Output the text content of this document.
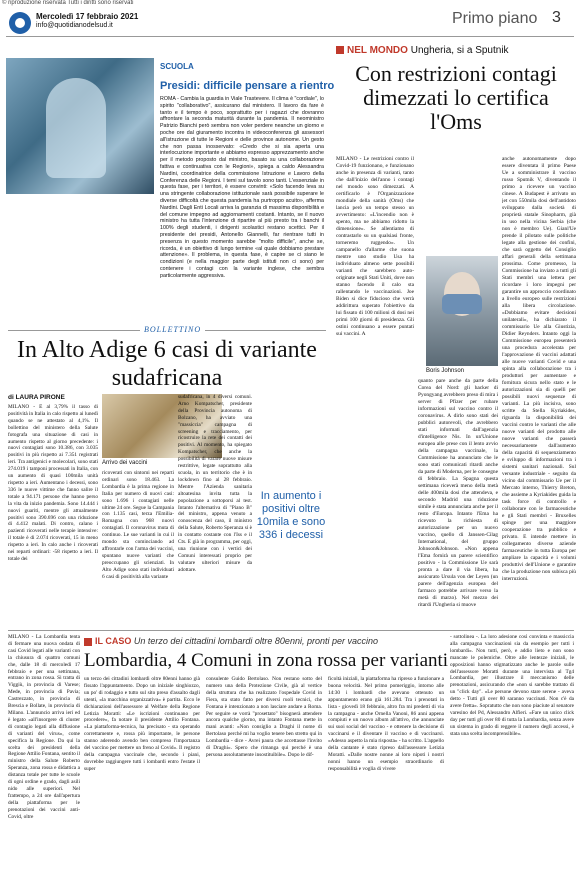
© riproduzione riservata Tutti i diritti sono riservati
Mercoledì 17 febbraio 2021
info@quotidianodelsud.it	Primo piano 3
SCUOLA
Presidi: difficile pensare a rientro
ROMA - Cambia la guardia in Viale Trastevere. Il clima è "cordiale", lo spirito "collaborativo", assicurano dal ministero. Il lavoro da fare è tanto e il tempo è poco, soprattutto per i ragazzi che dovranno affrontare la seconda maturità durante la pandemia. Il neoministro Patrizio Bianchi però sembra non voler perdere neanche un giorno e poche ore dal giuramento incontra in videoconferenza gli assessori all'istruzione di tutte le Regioni e delle province autonome. Un gesto che non passa inosservato: «Credo che si sia aperta una interlocuzione importante e abbiamo espresso apprezzamento anche per il metodo proposto dal ministro, basato su una collaborazione fattiva e continuativa con le Regioni», spiega a caldo Alessandra Nardini, coordinatrice della commissione Istruzione e Lavoro della Conferenza delle Regioni. I temi sul tavolo sono tanti. L'essenziale in questa fase, per i territori, è essere convinti: «Solo facendo leva su una stringente collaborazione istituzionale sarà possibile superare le diverse difficoltà che questa pandemia ha purtroppo acuito», afferma Nardini. Dagli Enti Locali arriva la garanzia di massima disponibilità e del comune impegno ad aggiornamenti costanti. Intanto, se il nuovo ministro ha tutta l'intenzione di ripartire al più presto tra i banchi il 100% degli studenti, i dirigenti scolastici restano scettici. Per il presidente dei presidi, Antonello Giannelli, far rientrare tutti in presenza in questo momento sarebbe "molto difficile", anche se, ricorda, è un obiettivo di lungo termine «al quale dobbiamo prestare attenzione». Il problema, in questa fase, è capire se ci siano le condizioni (e nella maggior parte degli istituti non ci sono) per contenere i contagi con la variante inglese, che sembra particolarmente aggressiva.
NEL MONDO Ungheria, si a Sputnik
Con restrizioni contagi dimezzati lo certifica l'Oms
MILANO - Le restrizioni contro il Covid-19 funzionano, e funzionano anche in presenza di varianti, tanto che dall'inizio dell'anno i contagi nel mondo sono dimezzati. A certificarlo è l'Organizzazione mondiale della sanità (Oms) che lancia però un tempo stesso un avvertimento: «L'incendio non è spento, ma ne abbiamo ridotto la dimensione». Se allentiamo di contrastarlo su un qualsiasi fronte, torneremo ruggendo». Un campanello d'allarme che suona mentre uno studio Usa ha individuato almeno sette possibili varianti che sarebbero auto-originate negli Stati Uniti, dove non stanno facendo il calo sta rallentando le vaccinazioni. Joe Biden si dice fiducioso che verrà addirittura superato l'obiettivo da lui fissato di 100 milioni di dosi nei primi 100 giorni di presidenza. Gli ostini continuano a essere puntati sui vaccini. A
Boris Johnson
quanto pare anche da parte della Corea del Nord: gli hacker di Pyongyang avrebbero preso di mira i server di Pfizer per rubare informazioni sul vaccino contro il coronavirus. A dirlo sono stati dei pubblici autorevoli, che avrebbero stati informati dall'agenzia d'intelligence Nis. In un'Unione europea alle prese con il lento avvio della campagna vaccinale, la Commissione ha annunciato che le sono stati comunicati ritardi anche da parte di Moderna, per le consegne di febbraio. La Spagna questa settimana riceverà meno della metà delle 400mila dosi che attendeva, e secondo Madrid una riduzione simile è stata annunciata anche per il resto d'Europa. Intanto l'Ema ha ricevuto la richiesta di autorizzazione per un nuovo vaccino, quello di Janssen-Cilag International, del gruppo Johnson&Johnson. «Non appena l'Ema fornirà un parere scientifico positivo - la Commissione Ue sarà pronta a dare il via libera, ha assicurato Ursula von der Leyen (un parere dell'agenzia europea del farmaco potrebbe arrivare verso la metà di marzo). Nel mezzo dei ritardi l'Ungheria si muove
anche autonomamente dopo essere diventata il primo Paese Ue a somministrare il vaccino russo Sputnik V, diventando il primo a ricevere un vaccino cinese. A Budapest è arrivato un jet con 550mila dosi dell'antidoto sviluppato dalla società di proprietà statale Sinopharm, già in uso nella vicina Serbia (che non è membro Ue). Gianl'Ue prende il pilotato sulle politiche legate alla gestione dei confini, che sarà oggetto del Consiglio affari generali della settimana prossima. Come promesso, la Commissione ha inviato a tutti gli Stati membri una lettera per ricordare i loro impegni per garantire un approccio coordinato a livello europeo sulle restrizioni alla libera circolazione. «Dobbiamo evitare decisioni unilaterali», ha dichiarato il commissario Ue alla Giustizia, Didier Reynders. Intanto oggi la Commissione europea presenterà una procedura accelerata per l'approvazione di vaccini adattati alle nuove varianti Covid e una spinta alla collaborazione tra i produttori per aumentare e fornitura sicura nello stato e le autorizzazioni sia di quelli per possibili nuovi sequenze di varianti. La più incisiva, sono scritte da Stella Kyriakides, riguarda la disponibilità dei vaccini contro le varianti che alle nuove varianti del prodotto alle nuove varianti che passerà necessariamente dall'aumento della capacità di sequenziamento e sviluppo di informazioni tra i sistemi sanitari nazionali. Sul versante industriale - seguito da vicino dal commissario Ue per il Mercato interno, Thierry Breton, che assieme a Kyriakides guida la task force di controllo e collaborare con le farmaceutiche e gli Stati membri - Bruxelles spinge per una maggiore cooperazione tra pubblico e privato. E intende mettere in collegamento diverse aziende farmaceutiche in tutta Europa per ampliare la capacità e i volumi produttivi dell'Unione e garantire che la produzione non subisca più interruzioni.
BOLLETTINO
In Alto Adige 6 casi di variante sudafricana
di LAURA PIRONE
MILANO - È al 3,79% il tasso di positività in Italia in calo rispetto ai lunedì quando se ne attestato al 4,1%. Il bollettino del ministero della Salute fotografa una situazione di casi in aumento rispetto al giorno precedente: i nuovi contagiati sono 10.386, con 3.035 positivi in più rispetto ai 7.351 registrati ieri. Tra antigenici e molecolari, sono stati 274.019 i tamponi processati in Italia, con un aumento di quasi 100mila unità rispetto a ieri. Aumentano i decessi, sono 336 le nuove vittime che fanno salire il totale a 94.171 persone che hanno perso la vita da inizio pandemia. Sono 14.444 i nuovi guariti, mentre gli attualmente positivi sono 390.696 con una riduzione di 4.412 malati. Di contro, calano i pazienti ricoverati nelle terapie intensive: il totale è di 2.074 ricoverati, 15 in meno rispetto a ieri. In calo anche i ricoverati nei reparti ordinari: -58 rispetto a ieri. Il totale dei
Arrivo dei vaccini
ricoverati con sintomi nei reparti ordinari sono 18.463. La Lombardia è la prima regione in Italia per numero di nuovi casi: sono 1.696 i contagiati nelle ultime 24 ore. Segue la Campania con 1.135 casi, terza l'Emilia-Romagna con 968 nuovi contagiati. Il coronavirus muta di continuo. Le sue varianti in cui il mondo sta cominciando ad affrontarle con l'arma dei vaccini, spuntano nuove varianti che preoccupano gli scienziati. In Alto Adige sono stati individuati 6 casi di positività alla variante
sudafricana, in 4 diversi comuni. Arno Kompatscher, presidente della Provincia autonoma di Bolzano, ha avviato una "massiccia" campagna di screening e tracciamento, per ricostruire la rete dei contatti dei positivi. Al momento, ha spiegato Kompatscher, che anche la possibilità di varare nuove misure restrittive, legate soprattutto alla scuola, in un territorio che è in lockdown fino al 28 febbraio. Mentre l'Azienda sanitaria altoatesina invita tutta la popolazione a sottoporsi al test. Intanto l'alternativa di "Piano B" del ministro, appena venuto a conoscenza del caso, il ministro della Salute, Roberto Speranza si è in contatto costante con l'Iss e il Cts. E già in programma, per oggi, una riunione con i vertici dei Comuni interessati proprio per valutare ulteriori misure da adottare.
In aumento i positivi oltre 10mila e sono 336 i decessi
IL CASO Un terzo dei cittadini lombardi oltre 80enni, pronti per vaccino
Lombardia, 4 Comuni in zona rossa per varianti
MILANO - La Lombardia tenta di fermare una nuova ondata di casi Covid legati alle varianti con la chiusura di quattro comuni che, dalle 18 di mercoledì 17 febbraio e per una settimana, entrano in zona rossa. Si tratta di Viggiù, in provincia di Varese; Mede, in provincia di Pavia; Castrezzato, in provincia di Brescia e Bollate, in provincia di Milano. L'annuncio arriva ieri ed è legato «all'insorgere di cluster di contagio legati alla diffusione di varianti del virus», come specifica la Regione. Da qui la scelta dei presidenti della Regione Attilio Fontana, sentito il ministro della Salute Roberto Speranza, zona rossa e didattica a distanza totale per tutte le scuole di ogni ordine e grado, dagli asili nido alle superiori. Nel frattempo, a 24 ore dall'apertura della piattaforma per le prenotazioni dei vaccini anti-Covid, oltre
un terzo dei cittadini lombardi oltre 80enni hanno già fissato l'appuntamento. Dopo un iniziale singhiozzo, un po' di rodaggio e tutto sul sito preso d'assalto dagli utenti, «la macchina organizzativa» è partita. Ecco le dichiarazioni dell'assessore al Welfare della Regione Letizia Moratti: «Le iscrizioni continuano per procedere», fa notare il presidente Attilio Fontana. «La piattaforma-tecnica, ha precisato - sta operando correttamente e, rossa più importante, le persone stanno aderendo avendo ben compreso l'importanza del vaccino per mettere un freno al Covid». Il registro della campagna vaccinale che, secondo i piani, dovrebbe raggiungere tutti i lombardi entro l'estate il super
consulente Guido Bertolaso. Non restano sotto del numero una della Protezione Civile, già al vertice della struttura che ha realizzato l'ospedale Covid in Fiera, sta stato fatto per diversi ruoli tecnici, che Fontana è intenzionato a non lasciare andare a Roma. Per seguire se vorrà "prosettato" bisognerà attendere ancora qualche giorno, ma intanto Fontana mette in mani avanti: «Non consiglio a Draghi il nome di Bertolaso perché mi ha voglio tenere ben stretto qui in Lombardia - dice - Avrei paura che accettasse l'invito di Draghi». Spero che rimanga qui perché è una persona assolutamente insostituibile». Dopo le dif-
ficoltà iniziali, la piattaforma ha ripreso a funzionare a buona velocità. Nel primo pomeriggio, intorno alle 14:30 i lombardi che avevano ottenuto un appuntamento erano già 161.284. Tra i prenotati in lista - giovedì 18 febbraio, altro fra mi predetti di via la campagna - anche Ornella Vanoni, 86 anni appena compiuti e un nuovo album all'attivo, che annunciate sui suoi social del vaccino - e ottenere la decisione di vaccinarsi e il diventare il vaccino e di vaccinarsi. «Adesso aspetto la mia risposta» - ha scritto. L'appello della cantante è stato ripreso dall'assessore Letizia Moratti. «Dalle nostre nonne ai loro nipoti i nostri nonni hanno un esempio straordinario di responsabilità e voglia di vivere
- sottolinea -. La loro adesione così convinta e massiccia alla campagna vaccinazioni sia da esempio per tutti i lombardi». Non tutti, però, e addio lieto e non sono mancate le polemiche. Oltre alle lentezze iniziali, le opposizioni hanno stigmatizzato anche le parole sulle dell'assessore Moratti durante una intervista al Tg4 Lombardia, per illustrare il meccanismo delle prenotazioni, assicurando che «non si sarebbe trattato di un "click day". «Le persone devono stare serene - aveva detto - Tutti gli over 80 saranno vaccinati. Non c'è da avere fretta». Sopratutto che non sono piaciute al senatore varesino del Pd, Alessandro Alfieri. «Fare un unico click day per tutti gli over 80 di tutta la Lombardia, senza avere un sistema in grado di reggere il numero degli accessi, è stata una scelta incomprensibile».
